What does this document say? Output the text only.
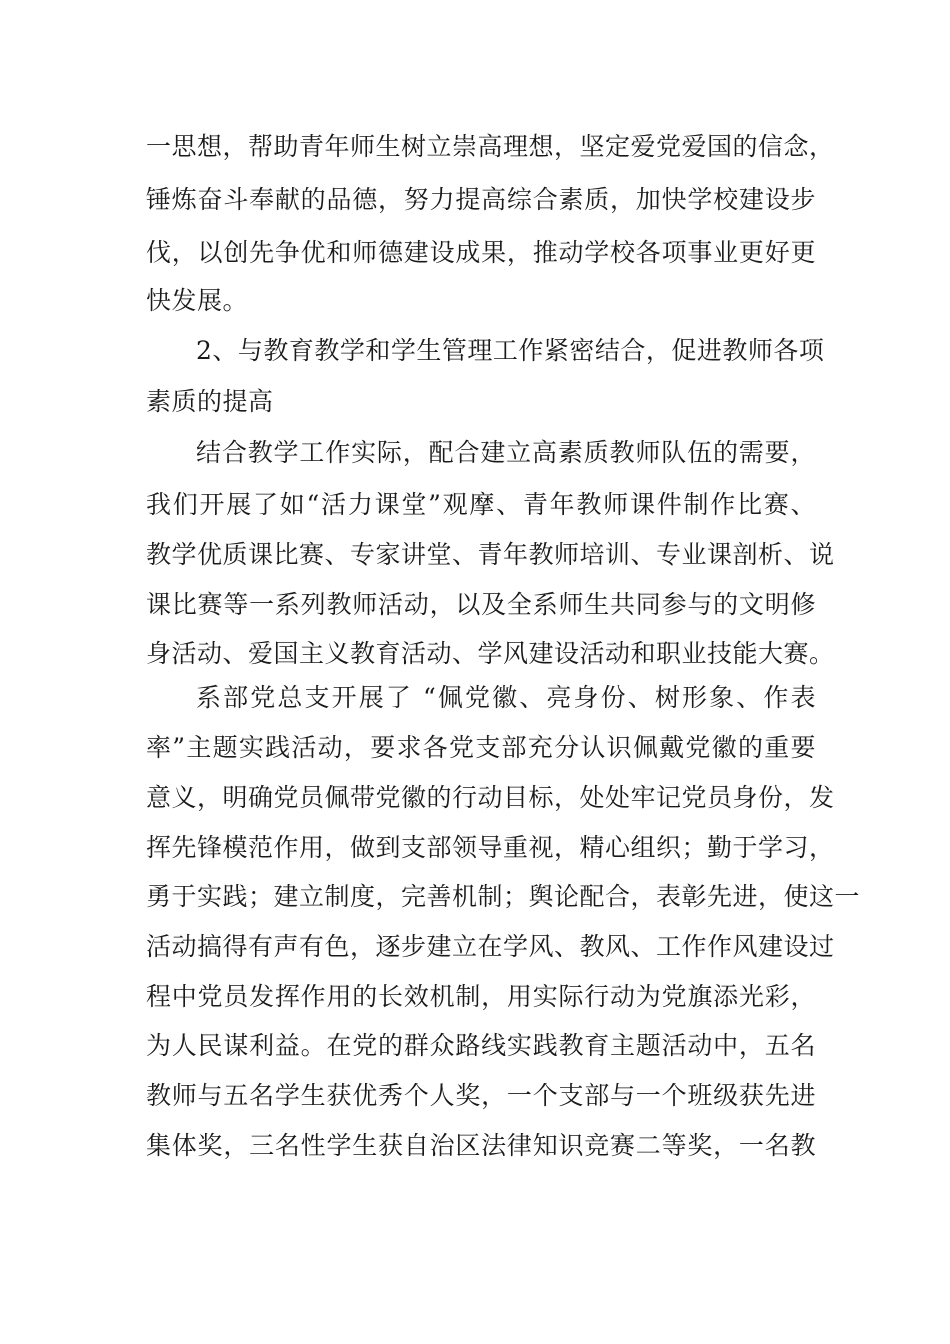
一思想，帮助青年师生树立崇高理想，坚定爱党爱国的信念，
锤炼奋斗奉献的品德，努力提高综合素质，加快学校建设步
伐，以创先争优和师德建设成果，推动学校各项事业更好更
快发展。
2、与教育教学和学生管理工作紧密结合，促进教师各项
素质的提高
结合教学工作实际，配合建立高素质教师队伍的需要，
我们开展了如“活力课堂”观摩、青年教师课件制作比赛、
教学优质课比赛、专家讲堂、青年教师培训、专业课剖析、说
课比赛等一系列教师活动，以及全系师生共同参与的文明修
身活动、爱国主义教育活动、学风建设活动和职业技能大赛。
系部党总支开展了 “佩党徽、亮身份、树形象、作表
率”主题实践活动，要求各党支部充分认识佩戴党徽的重要
意义，明确党员佩带党徽的行动目标，处处牢记党员身份，发
挥先锋模范作用，做到支部领导重视，精心组织；勤于学习，
勇于实践；建立制度，完善机制；舆论配合，表彰先进，使这一
活动搞得有声有色，逐步建立在学风、教风、工作作风建设过
程中党员发挥作用的长效机制，用实际行动为党旗添光彩，
为人民谋利益。在党的群众路线实践教育主题活动中，五名
教师与五名学生获优秀个人奖，一个支部与一个班级获先进
集体奖，三名性学生获自治区法律知识竞赛二等奖，一名教
